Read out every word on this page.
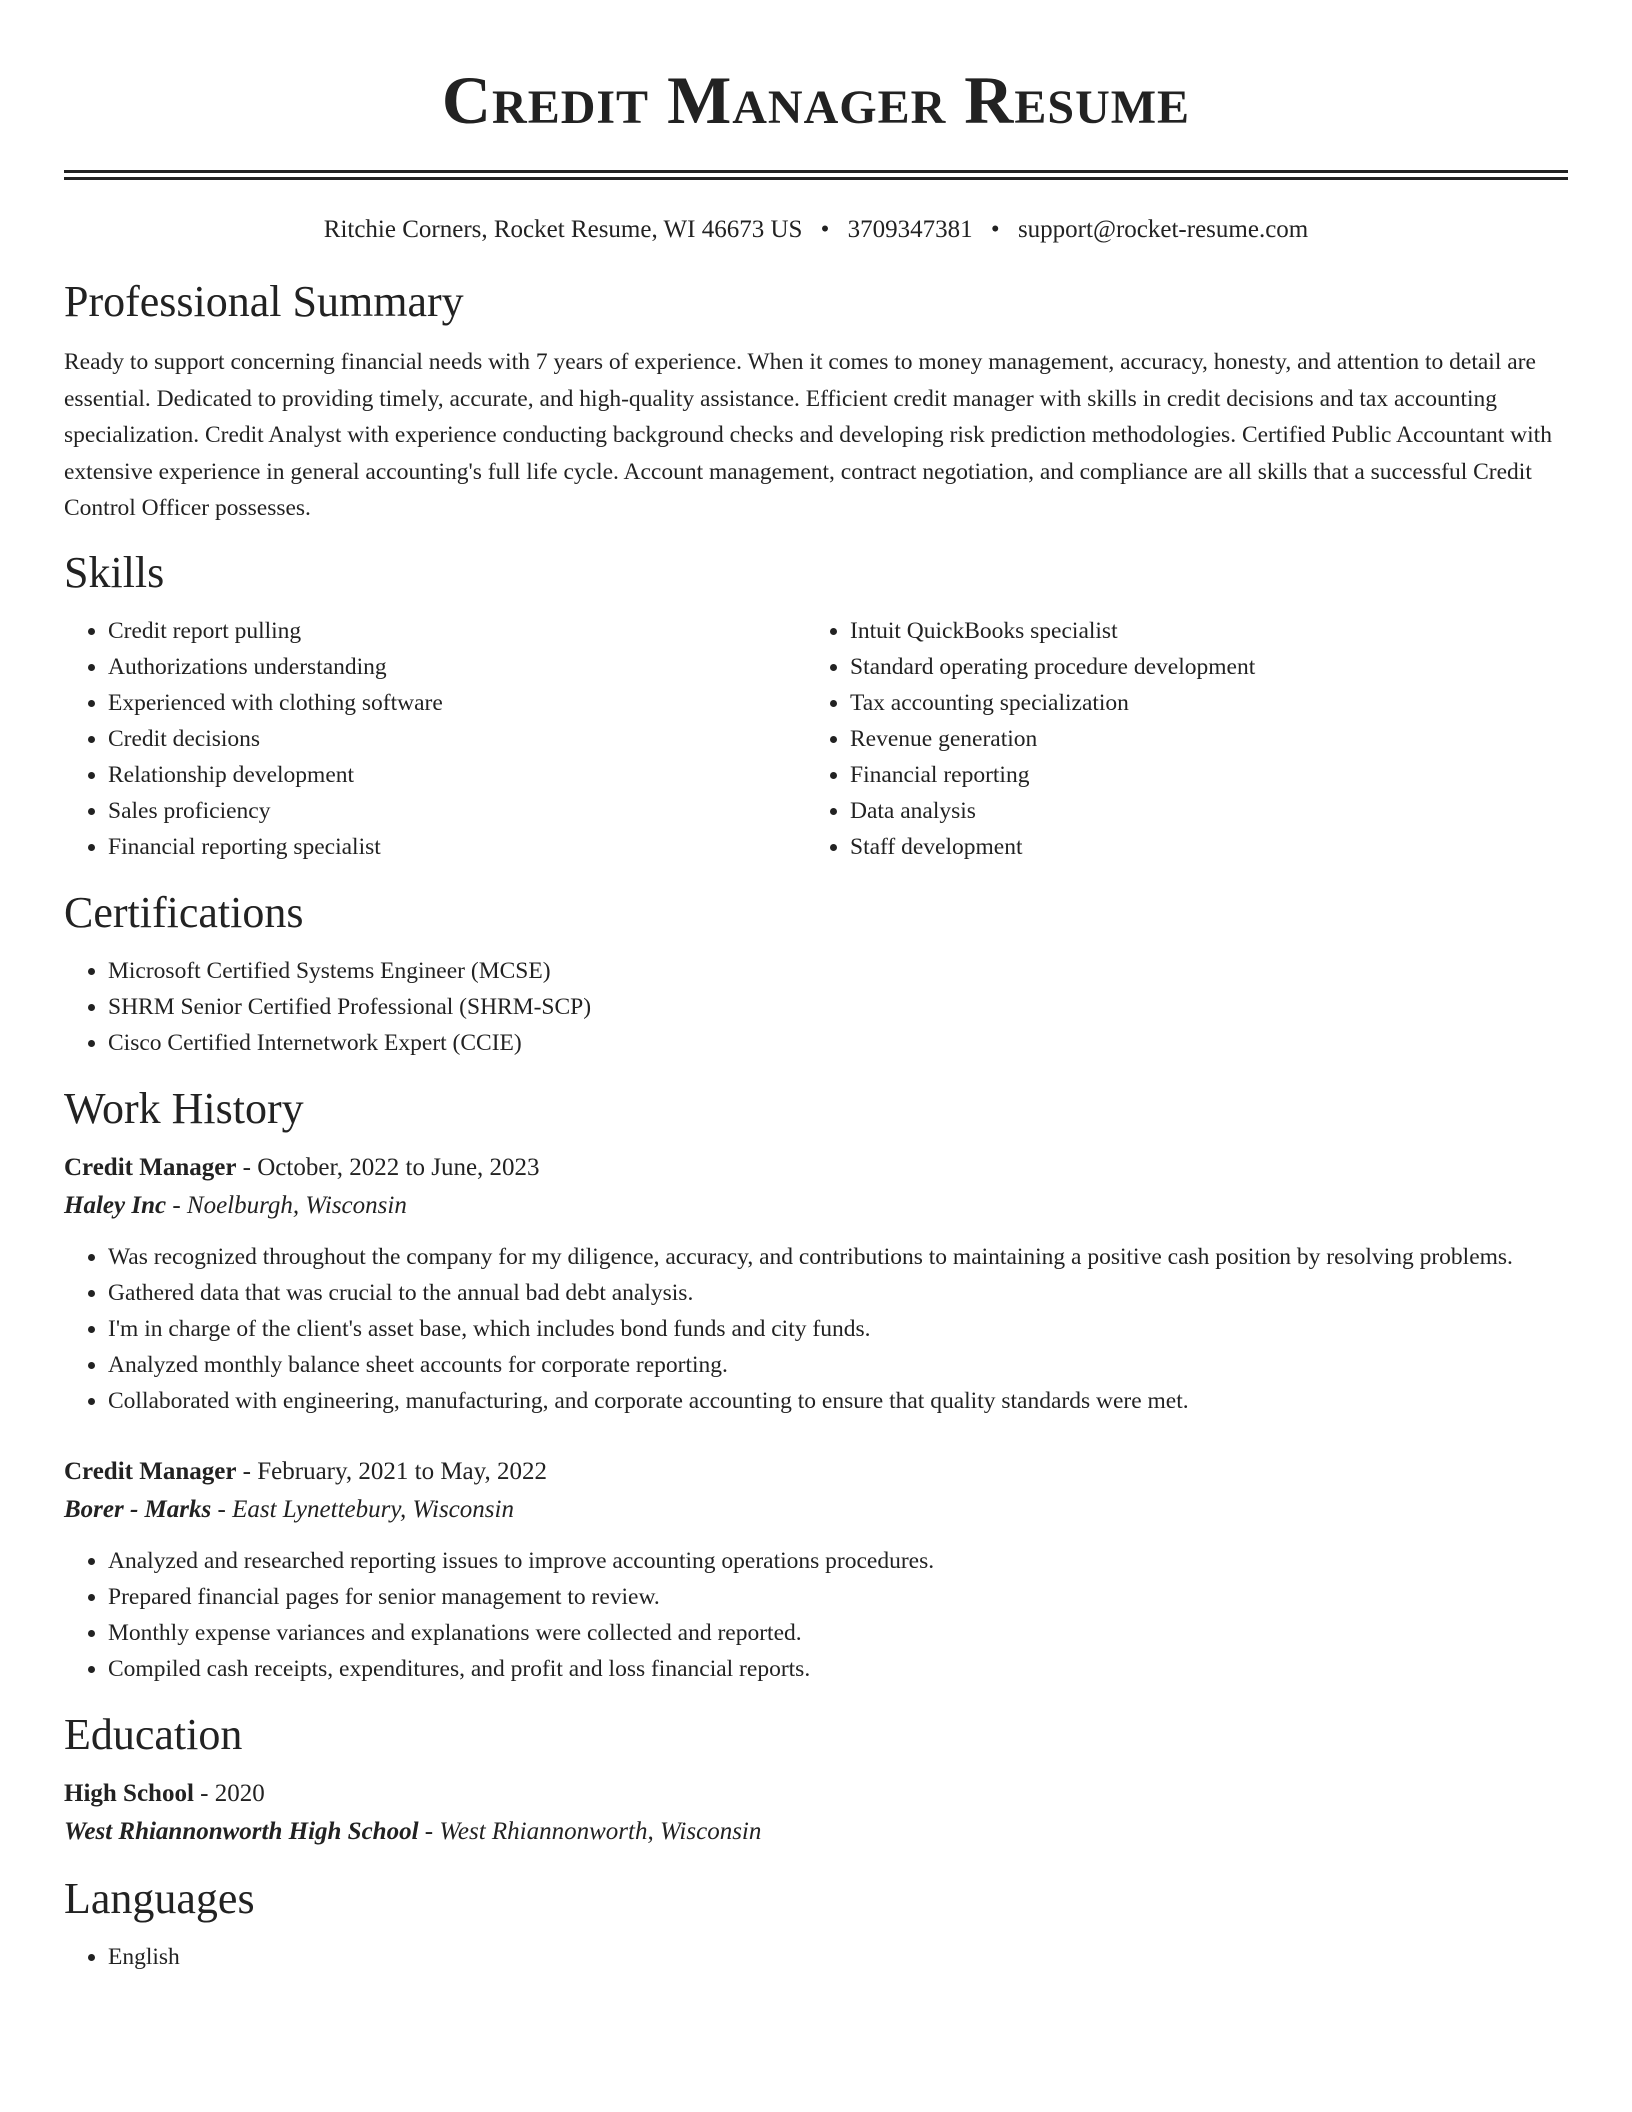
Credit Manager Resume
Ritchie Corners, Rocket Resume, WI 46673 US • 3709347381 • support@rocket-resume.com
Professional Summary

Ready to support concerning financial needs with 7 years of experience. When it comes to money management, accuracy, honesty, and attention to detail are essential. Dedicated to providing timely, accurate, and high-quality assistance. Efficient credit manager with skills in credit decisions and tax accounting specialization. Credit Analyst with experience conducting background checks and developing risk prediction methodologies. Certified Public Accountant with extensive experience in general accounting's full life cycle. Account management, contract negotiation, and compliance are all skills that a successful Credit Control Officer possesses.

Skills
• Credit report pulling
• Authorizations understanding
• Experienced with clothing software
• Credit decisions
• Relationship development
• Sales proficiency
• Financial reporting specialist
• Intuit QuickBooks specialist
• Standard operating procedure development
• Tax accounting specialization
• Revenue generation
• Financial reporting
• Data analysis
• Staff development
Certifications
• Microsoft Certified Systems Engineer (MCSE)
• SHRM Senior Certified Professional (SHRM-SCP)
• Cisco Certified Internetwork Expert (CCIE)
Work History
Credit Manager - October, 2022 to June, 2023
Haley Inc - Noelburgh, Wisconsin
• Was recognized throughout the company for my diligence, accuracy, and contributions to maintaining a positive cash position by resolving problems.
• Gathered data that was crucial to the annual bad debt analysis.
• I'm in charge of the client's asset base, which includes bond funds and city funds.
• Analyzed monthly balance sheet accounts for corporate reporting.
• Collaborated with engineering, manufacturing, and corporate accounting to ensure that quality standards were met.
Credit Manager - February, 2021 to May, 2022
Borer - Marks - East Lynettebury, Wisconsin
• Analyzed and researched reporting issues to improve accounting operations procedures.
• Prepared financial pages for senior management to review.
• Monthly expense variances and explanations were collected and reported.
• Compiled cash receipts, expenditures, and profit and loss financial reports.
Education
High School - 2020
West Rhiannonworth High School - West Rhiannonworth, Wisconsin
Languages
• English
